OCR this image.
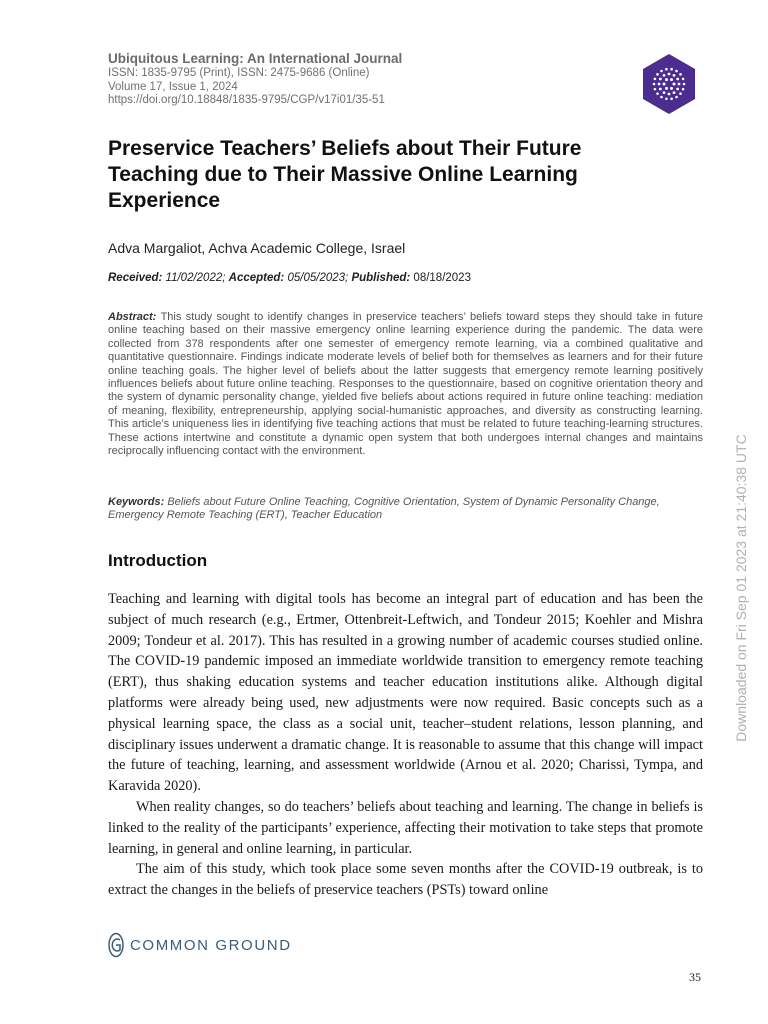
Ubiquitous Learning: An International Journal
ISSN: 1835-9795 (Print), ISSN: 2475-9686 (Online)
Volume 17, Issue 1, 2024
https://doi.org/10.18848/1835-9795/CGP/v17i01/35-51
Preservice Teachers’ Beliefs about Their Future Teaching due to Their Massive Online Learning Experience
Adva Margaliot, Achva Academic College, Israel
Received: 11/02/2022; Accepted: 05/05/2023; Published: 08/18/2023

Abstract: This study sought to identify changes in preservice teachers’ beliefs toward steps they should take in future online teaching based on their massive emergency online learning experience during the pandemic. The data were collected from 378 respondents after one semester of emergency remote learning, via a combined qualitative and quantitative questionnaire. Findings indicate moderate levels of belief both for themselves as learners and for their future online teaching goals. The higher level of beliefs about the latter suggests that emergency remote learning positively influences beliefs about future online teaching. Responses to the questionnaire, based on cognitive orientation theory and the system of dynamic personality change, yielded five beliefs about actions required in future online teaching: mediation of meaning, flexibility, entrepreneurship, applying social-humanistic approaches, and diversity as constructing learning. This article’s uniqueness lies in identifying five teaching actions that must be related to future teaching-learning structures. These actions intertwine and constitute a dynamic open system that both undergoes internal changes and maintains reciprocally influencing contact with the environment.

Keywords: Beliefs about Future Online Teaching, Cognitive Orientation, System of Dynamic Personality Change, Emergency Remote Teaching (ERT), Teacher Education

Introduction

Teaching and learning with digital tools has become an integral part of education and has been the subject of much research (e.g., Ertmer, Ottenbreit-Leftwich, and Tondeur 2015; Koehler and Mishra 2009; Tondeur et al. 2017). This has resulted in a growing number of academic courses studied online. The COVID-19 pandemic imposed an immediate worldwide transition to emergency remote teaching (ERT), thus shaking education systems and teacher education institutions alike. Although digital platforms were already being used, new adjustments were now required. Basic concepts such as a physical learning space, the class as a social unit, teacher–student relations, lesson planning, and disciplinary issues underwent a dramatic change. It is reasonable to assume that this change will impact the future of teaching, learning, and assessment worldwide (Arnou et al. 2020; Charissi, Tympa, and Karavida 2020).

When reality changes, so do teachers’ beliefs about teaching and learning. The change in beliefs is linked to the reality of the participants’ experience, affecting their motivation to take steps that promote learning, in general and online learning, in particular.

The aim of this study, which took place some seven months after the COVID-19 outbreak, is to extract the changes in the beliefs of preservice teachers (PSTs) toward online

Downloaded on Fri Sep 01 2023 at 21:40:38 UTC
COMMON GROUND
35
